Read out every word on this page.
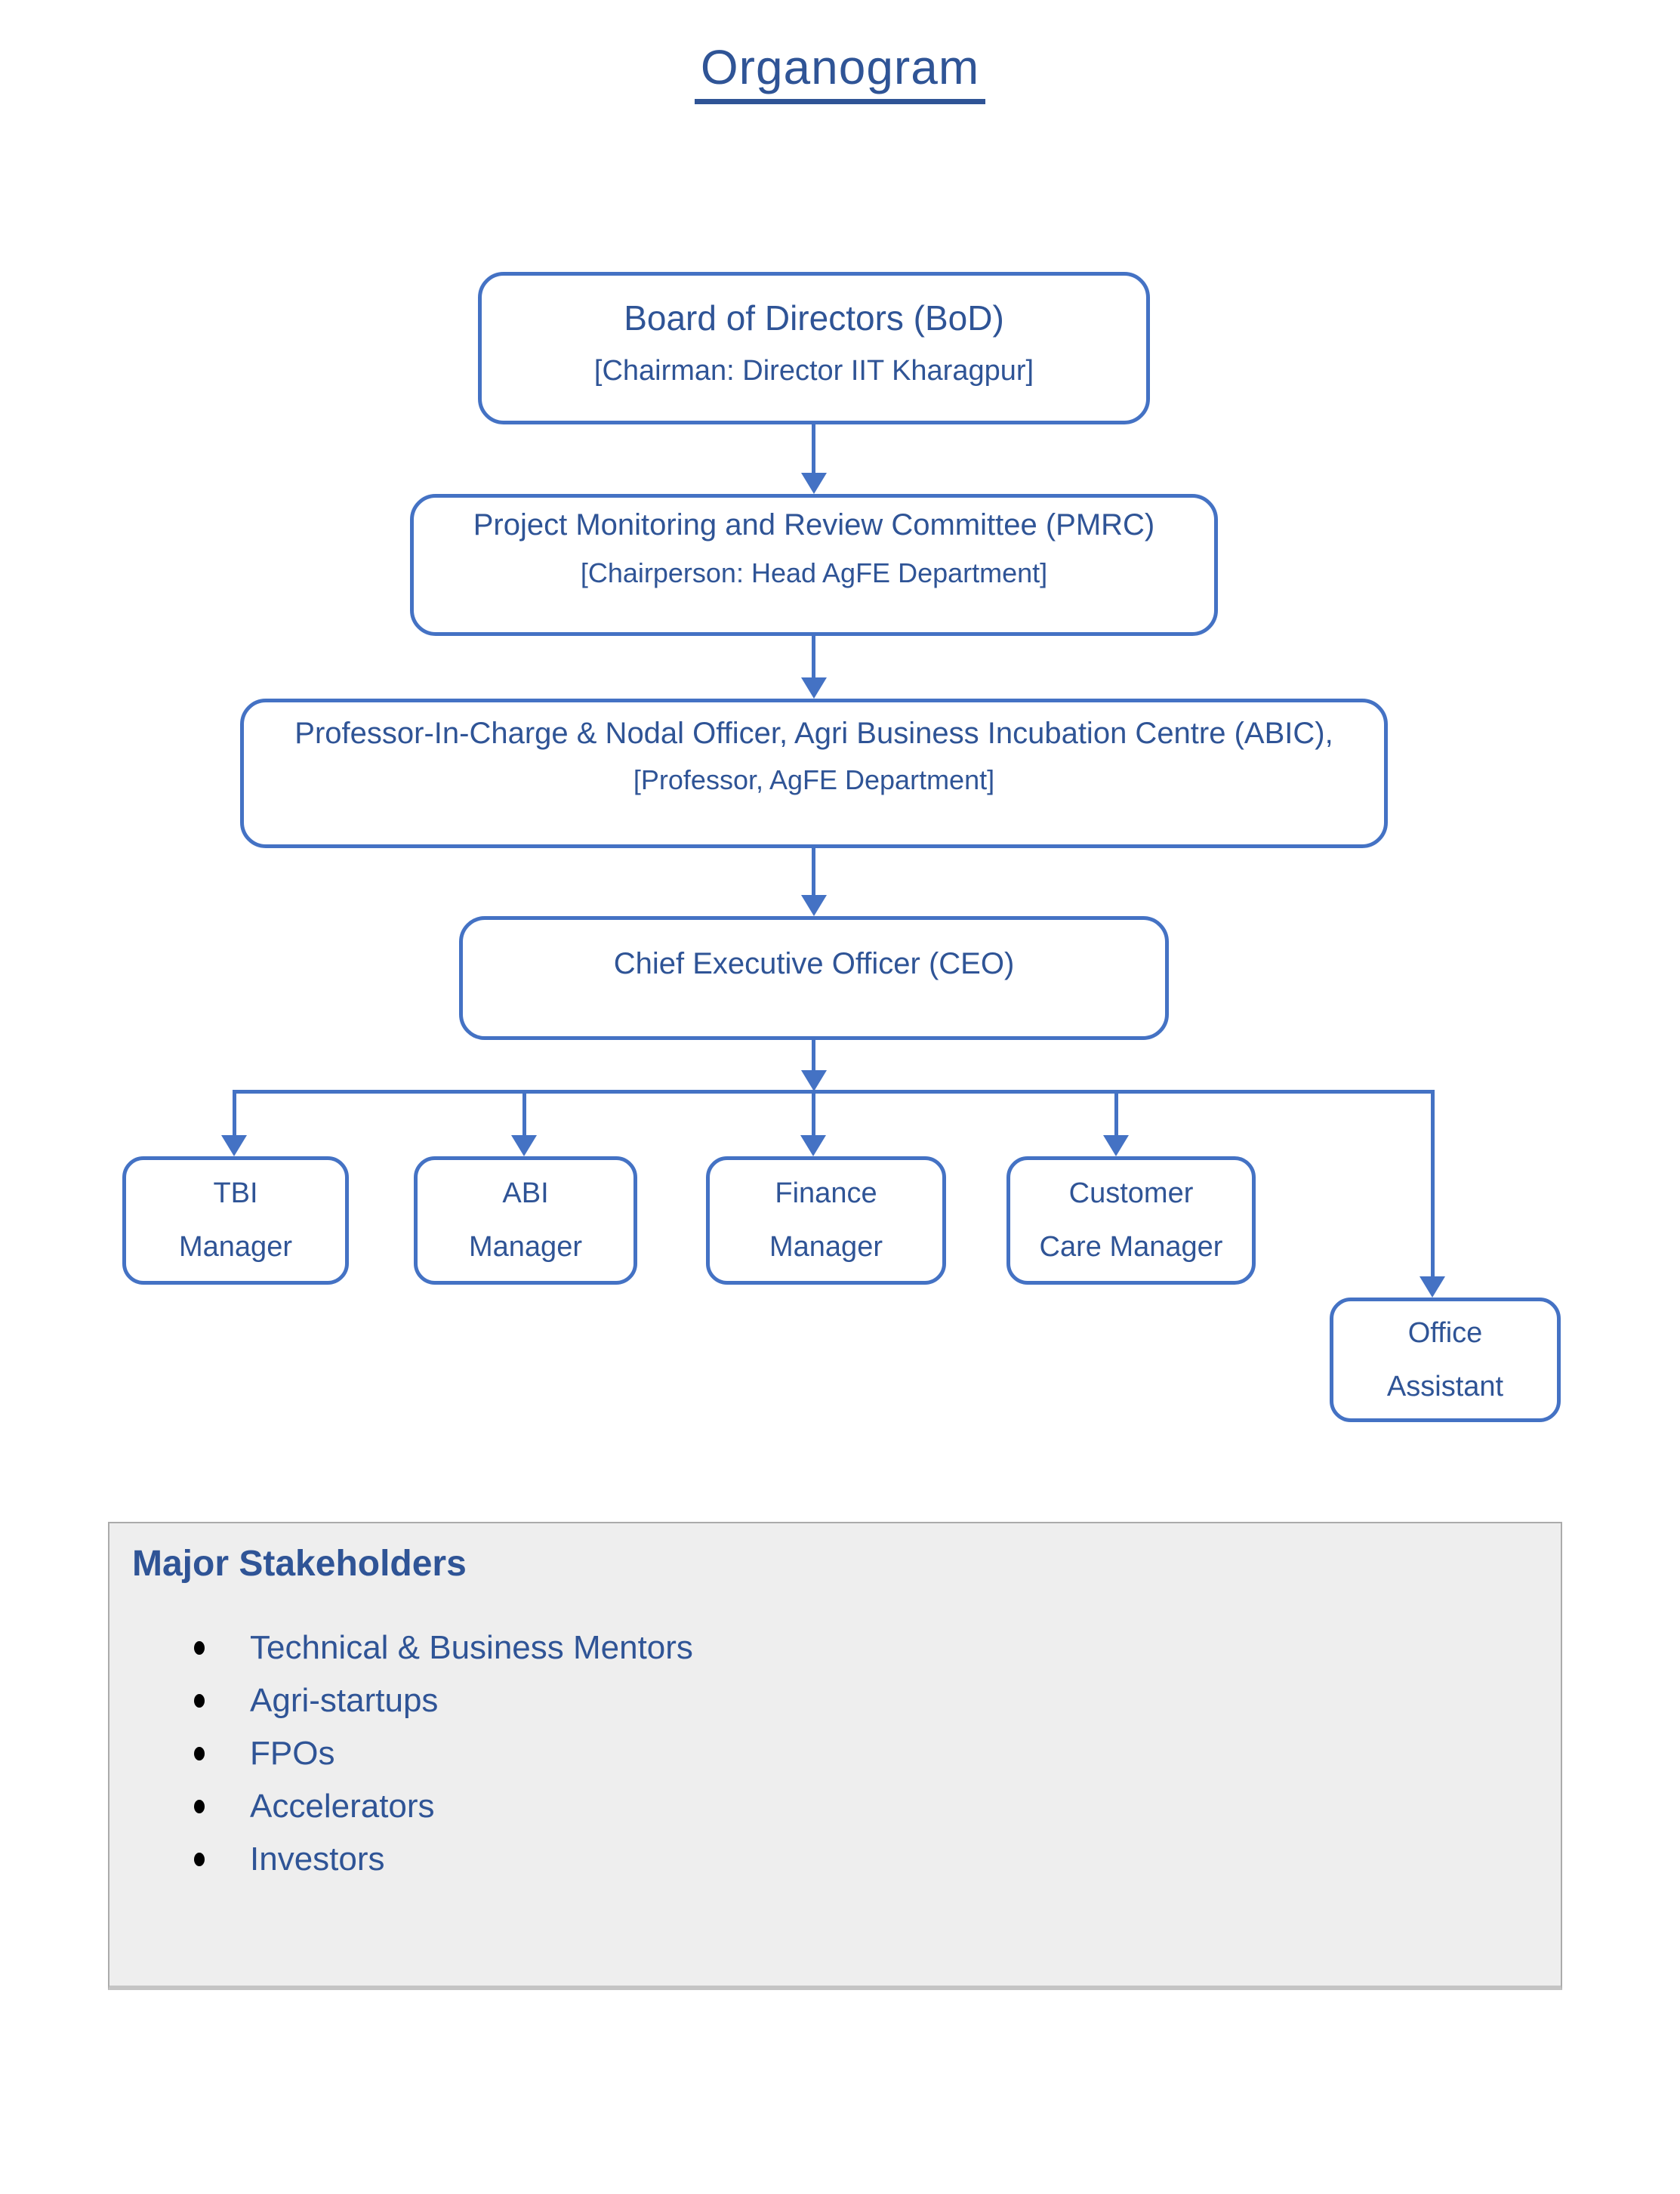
Organogram
Board of Directors (BoD)
[Chairman: Director IIT Kharagpur]
Project Monitoring and Review Committee (PMRC)
[Chairperson: Head AgFE Department]
Professor-In-Charge & Nodal Officer, Agri Business Incubation Centre (ABIC),
[Professor, AgFE Department]
Chief Executive Officer (CEO)
TBI
Manager
ABI
Manager
Finance
Manager
Customer
Care Manager
Office
Assistant
Major Stakeholders
Technical & Business Mentors
Agri-startups
FPOs
Accelerators
Investors
